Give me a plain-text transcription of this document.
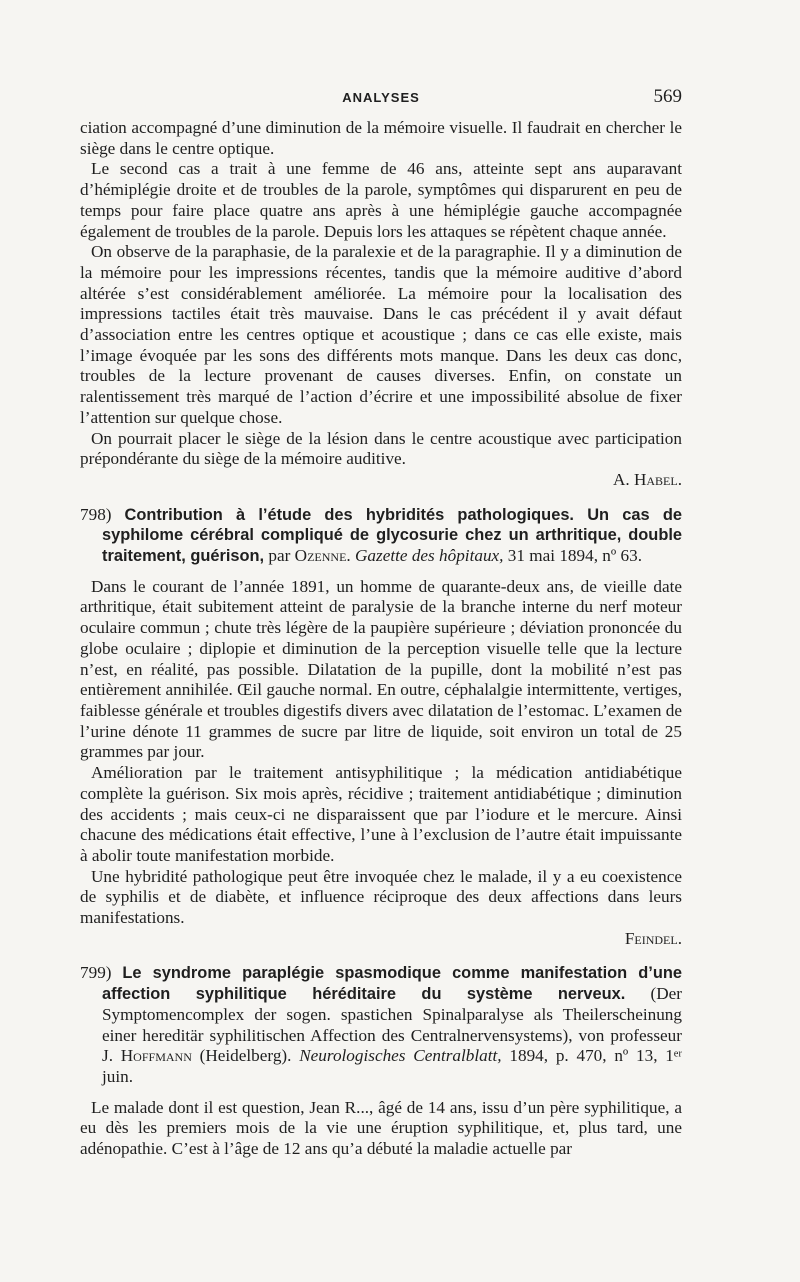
ANALYSES	569

ciation accompagné d’une diminution de la mémoire visuelle. Il faudrait en chercher le siège dans le centre optique.

Le second cas a trait à une femme de 46 ans, atteinte sept ans auparavant d’hémiplégie droite et de troubles de la parole, symptômes qui disparurent en peu de temps pour faire place quatre ans après à une hémiplégie gauche accompagnée également de troubles de la parole. Depuis lors les attaques se répètent chaque année.

On observe de la paraphasie, de la paralexie et de la paragraphie. Il y a diminution de la mémoire pour les impressions récentes, tandis que la mémoire auditive d’abord altérée s’est considérablement améliorée. La mémoire pour la localisation des impressions tactiles était très mauvaise. Dans le cas précédent il y avait défaut d’association entre les centres optique et acoustique ; dans ce cas elle existe, mais l’image évoquée par les sons des différents mots manque. Dans les deux cas donc, troubles de la lecture provenant de causes diverses. Enfin, on constate un ralentissement très marqué de l’action d’écrire et une impossibilité absolue de fixer l’attention sur quelque chose.

On pourrait placer le siège de la lésion dans le centre acoustique avec participation prépondérante du siège de la mémoire auditive.
A. Habel.

798) Contribution à l’étude des hybridités pathologiques. Un cas de syphilome cérébral compliqué de glycosurie chez un arthritique, double traitement, guérison, par Ozenne. Gazette des hôpitaux, 31 mai 1894, nº 63.

Dans le courant de l’année 1891, un homme de quarante-deux ans, de vieille date arthritique, était subitement atteint de paralysie de la branche interne du nerf moteur oculaire commun ; chute très légère de la paupière supérieure ; déviation prononcée du globe oculaire ; diplopie et diminution de la perception visuelle telle que la lecture n’est, en réalité, pas possible. Dilatation de la pupille, dont la mobilité n’est pas entièrement annihilée. Œil gauche normal. En outre, céphalalgie intermittente, vertiges, faiblesse générale et troubles digestifs divers avec dilatation de l’estomac. L’examen de l’urine dénote 11 grammes de sucre par litre de liquide, soit environ un total de 25 grammes par jour.

Amélioration par le traitement antisyphilitique ; la médication antidiabétique complète la guérison. Six mois après, récidive ; traitement antidiabétique ; diminution des accidents ; mais ceux-ci ne disparaissent que par l’iodure et le mercure. Ainsi chacune des médications était effective, l’une à l’exclusion de l’autre était impuissante à abolir toute manifestation morbide.

Une hybridité pathologique peut être invoquée chez le malade, il y a eu coexistence de syphilis et de diabète, et influence réciproque des deux affections dans leurs manifestations.
Feindel.

799) Le syndrome paraplégie spasmodique comme manifestation d’une affection syphilitique héréditaire du système nerveux. (Der Symptomencomplex der sogen. spastichen Spinalparalyse als Theilerscheinung einer hereditär syphilitischen Affection des Centralnervensystems), von professeur J. Hoffmann (Heidelberg). Neurologisches Centralblatt, 1894, p. 470, nº 13, 1ᵉʳ juin.

Le malade dont il est question, Jean R..., âgé de 14 ans, issu d’un père syphilitique, a eu dès les premiers mois de la vie une éruption syphilitique, et, plus tard, une adénopathie. C’est à l’âge de 12 ans qu’a débuté la maladie actuelle par
